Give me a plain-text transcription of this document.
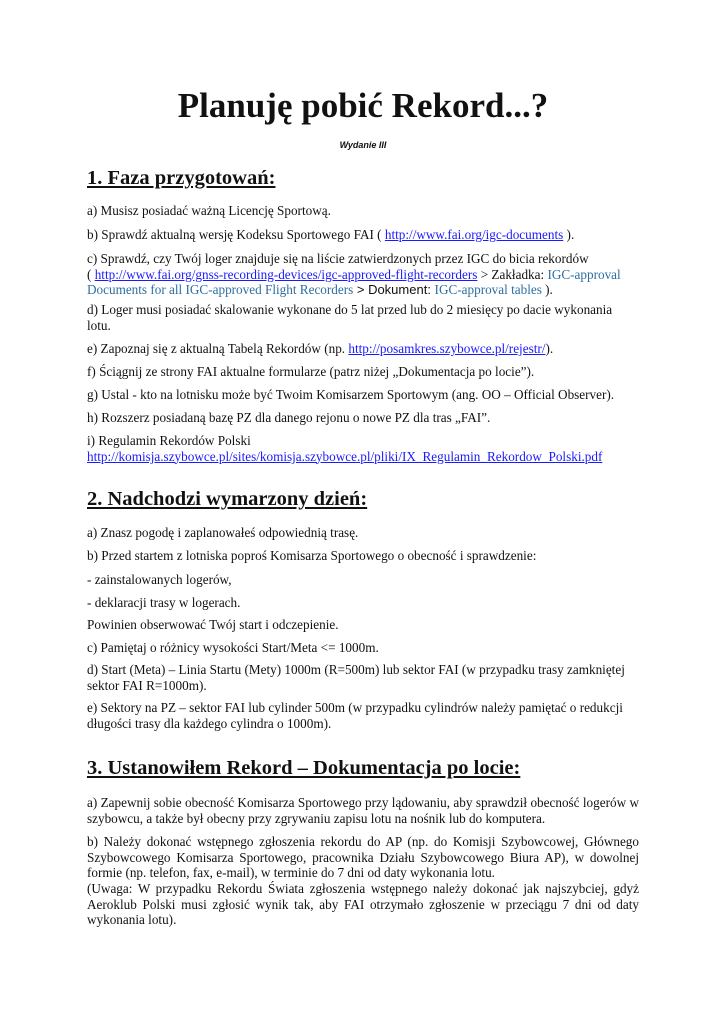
Planuję pobić Rekord...?
Wydanie III
1. Faza przygotowań:

a) Musisz posiadać ważną Licencję Sportową.

b) Sprawdź aktualną wersję Kodeksu Sportowego FAI ( http://www.fai.org/igc-documents ).

c) Sprawdź, czy Twój loger znajduje się na liście zatwierdzonych przez IGC do bicia rekordów
( http://www.fai.org/gnss-recording-devices/igc-approved-flight-recorders > Zakładka: IGC-approval Documents for all IGC-approved Flight Recorders > Dokument: IGC-approval tables ).

d) Loger musi posiadać skalowanie wykonane do 5 lat przed lub do 2 miesięcy po dacie wykonania lotu.

e) Zapoznaj się z aktualną Tabelą Rekordów (np. http://posamkres.szybowce.pl/rejestr/).

f) Ściągnij ze strony FAI aktualne formularze (patrz niżej „Dokumentacja po locie”).

g) Ustal - kto na lotnisku może być Twoim Komisarzem Sportowym (ang. OO – Official Observer).

h) Rozszerz posiadaną bazę PZ dla danego rejonu o nowe PZ dla tras „FAI”.

i) Regulamin Rekordów Polski
http://komisja.szybowce.pl/sites/komisja.szybowce.pl/pliki/IX_Regulamin_Rekordow_Polski.pdf

2. Nadchodzi wymarzony dzień:

a) Znasz pogodę i zaplanowałeś odpowiednią trasę.

b) Przed startem z lotniska poproś Komisarza Sportowego o obecność i sprawdzenie:

- zainstalowanych logerów,

- deklaracji trasy w logerach.

Powinien obserwować Twój start i odczepienie.

c) Pamiętaj o różnicy wysokości Start/Meta <= 1000m.

d) Start (Meta) – Linia Startu (Mety) 1000m (R=500m) lub sektor FAI (w przypadku trasy zamkniętej sektor FAI R=1000m).

e) Sektory na PZ – sektor FAI lub cylinder 500m (w przypadku cylindrów należy pamiętać o redukcji długości trasy dla każdego cylindra o 1000m).

3. Ustanowiłem Rekord – Dokumentacja po locie:

a) Zapewnij sobie obecność Komisarza Sportowego przy lądowaniu, aby sprawdził obecność logerów w szybowcu, a także był obecny przy zgrywaniu zapisu lotu na nośnik lub do komputera.

b) Należy dokonać wstępnego zgłoszenia rekordu do AP (np. do Komisji Szybowcowej, Głównego Szybowcowego Komisarza Sportowego, pracownika Działu Szybowcowego Biura AP), w dowolnej formie (np. telefon, fax, e-mail), w terminie do 7 dni od daty wykonania lotu.

(Uwaga: W przypadku Rekordu Świata zgłoszenia wstępnego należy dokonać jak najszybciej, gdyż Aeroklub Polski musi zgłosić wynik tak, aby FAI otrzymało zgłoszenie w przeciągu 7 dni od daty wykonania lotu).
